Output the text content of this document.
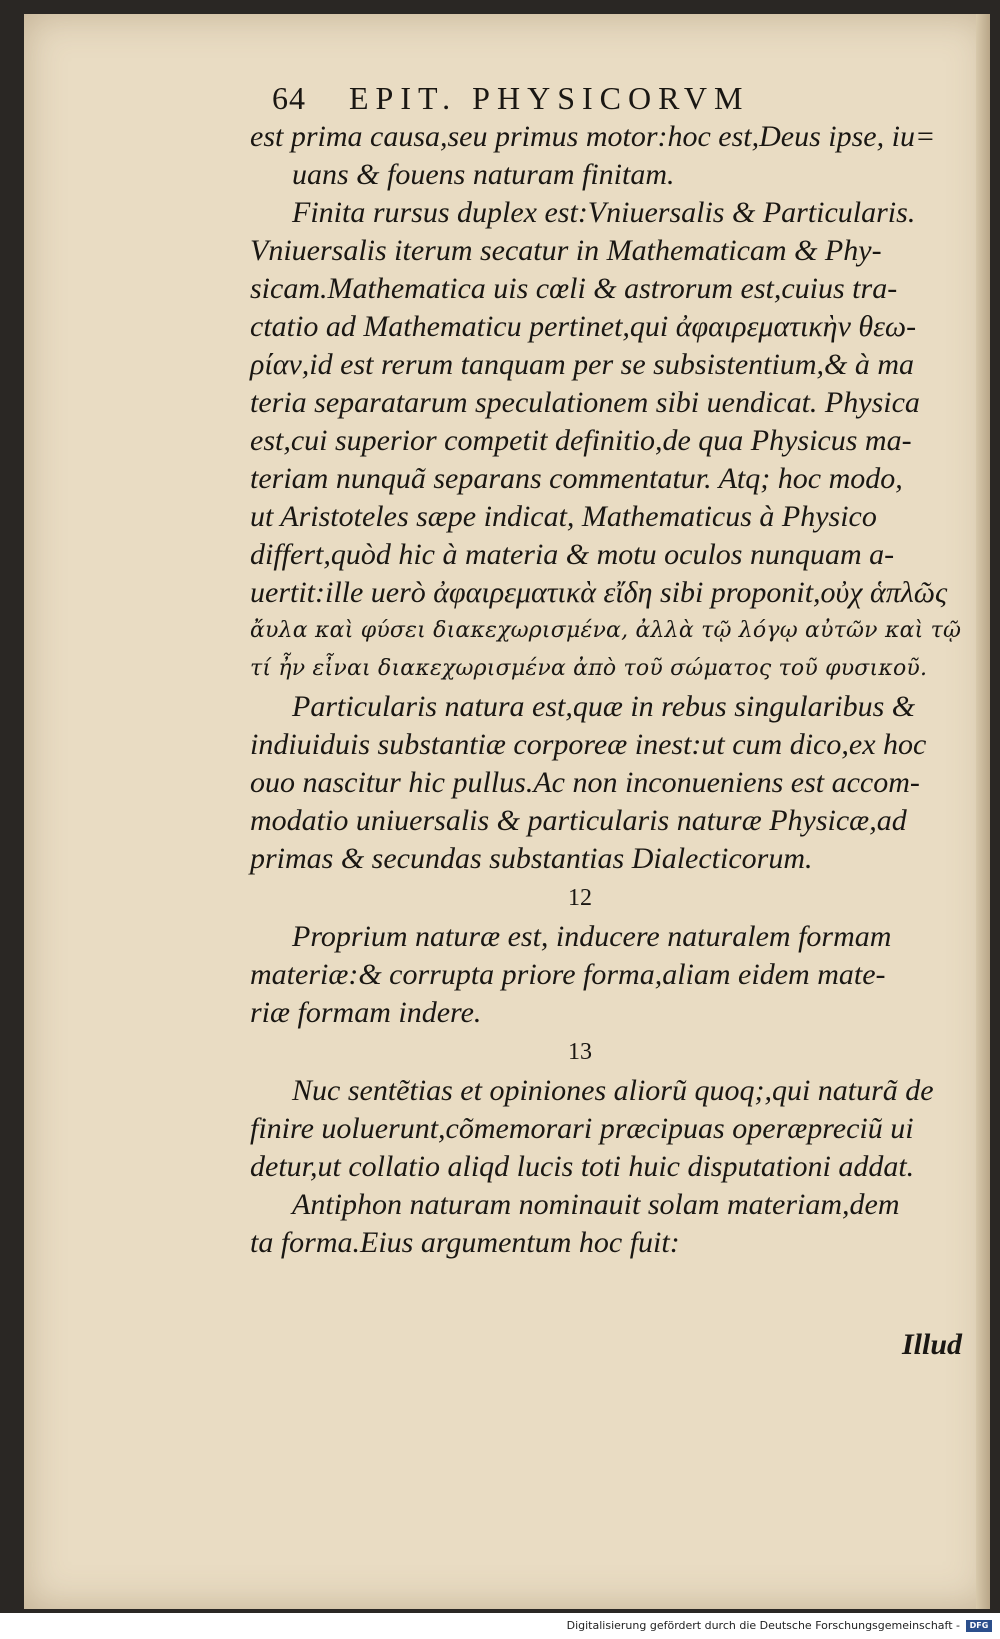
64 EPIT. PHYSICORVM
est prima causa,seu primus motor:hoc est,Deus ipse, iu=
uans & fouens naturam finitam.
Finita rursus duplex est:Vniuersalis & Particularis.
Vniuersalis iterum secatur in Mathematicam & Phy-
sicam.Mathematica uis cœli & astrorum est,cuius tra-
ctatio ad Mathematicu pertinet,qui ἀφαιρεματικὴν θεω-
ρίαν,id est rerum tanquam per se subsistentium,& à ma
teria separatarum speculationem sibi uendicat. Physica
est,cui superior competit definitio,de qua Physicus ma-
teriam nunquã separans commentatur. Atq; hoc modo,
ut Aristoteles sæpe indicat, Mathematicus à Physico
differt,quòd hic à materia & motu oculos nunquam a-
uertit:ille uerò ἀφαιρεματικὰ εἴδη sibi proponit,οὐχ ἁπλῶς
ἄυλα καὶ φύσει διακεχωρισμένα, ἀλλὰ τῷ λόγῳ αὐτῶν καὶ τῷ
τί ἦν εἶναι διακεχωρισμένα ἀπὸ τοῦ σώματος τοῦ φυσικοῦ.
Particularis natura est,quæ in rebus singularibus &
indiuiduis substantiæ corporeæ inest:ut cum dico,ex hoc
ouo nascitur hic pullus.Ac non inconueniens est accom-
modatio uniuersalis & particularis naturæ Physicæ,ad
primas & secundas substantias Dialecticorum.
12
Proprium naturæ est, inducere naturalem formam
materiæ:& corrupta priore forma,aliam eidem mate-
riæ formam indere.
13
Nuc sentẽtias et opiniones aliorũ quoq;,qui naturã de
finire uoluerunt,cõmemorari præcipuas operæpreciũ ui
detur,ut collatio aliqd lucis toti huic disputationi addat.
Antiphon naturam nominauit solam materiam,dem
ta forma.Eius argumentum hoc fuit:
Illud
Digitalisierung gefördert durch die Deutsche Forschungsgemeinschaft -	DFG
